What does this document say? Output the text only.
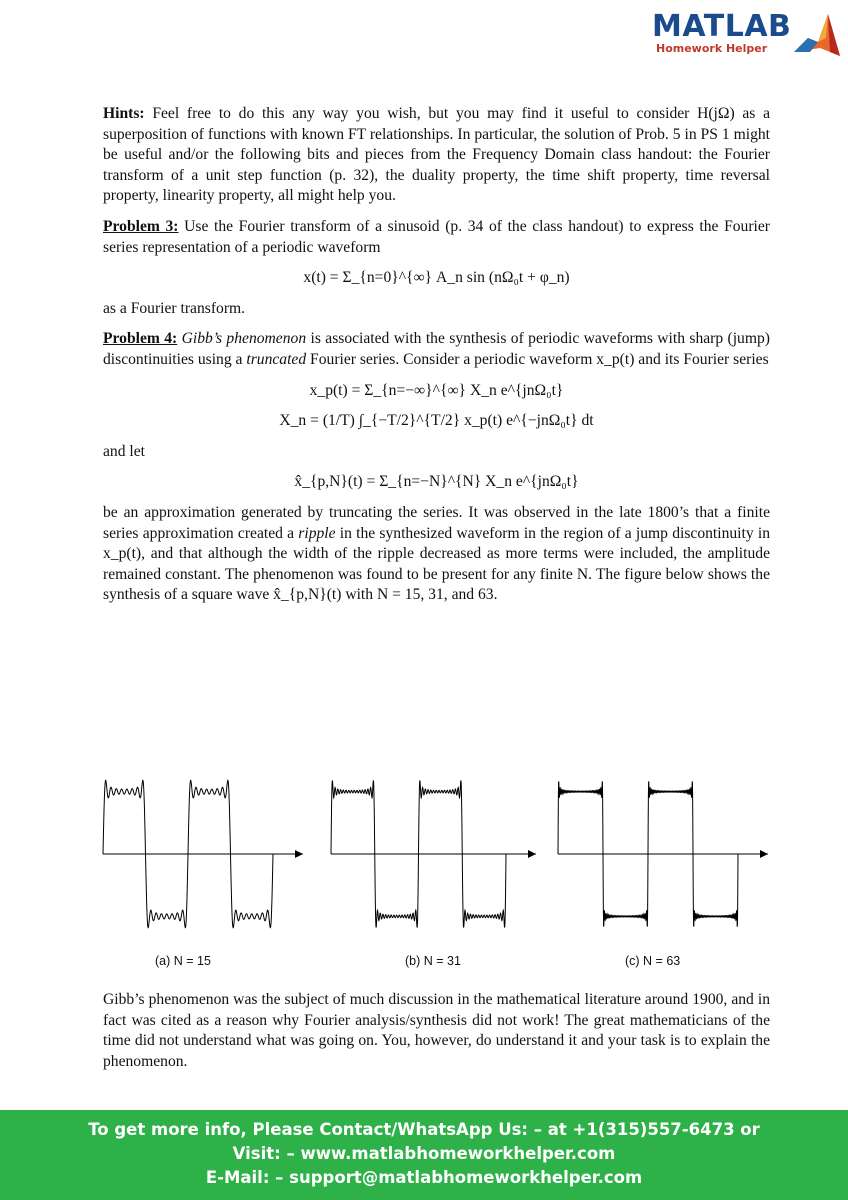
MATLAB
Homework Helper

Hints: Feel free to do this any way you wish, but you may find it useful to consider H(jΩ) as a superposition of functions with known FT relationships. In particular, the solution of Prob. 5 in PS 1 might be useful and/or the following bits and pieces from the Frequency Domain class handout: the Fourier transform of a unit step function (p. 32), the duality property, the time shift property, time reversal property, linearity property, all might help you.

Problem 3: Use the Fourier transform of a sinusoid (p. 34 of the class handout) to express the Fourier series representation of a periodic waveform

x(t) = Σ_{n=0}^{∞} A_n sin (nΩ₀t + φ_n)

as a Fourier transform.

Problem 4: Gibb’s phenomenon is associated with the synthesis of periodic waveforms with sharp (jump) discontinuities using a truncated Fourier series. Consider a periodic waveform x_p(t) and its Fourier series

x_p(t) = Σ_{n=−∞}^{∞} X_n e^{jnΩ₀t}
X_n = (1/T) ∫_{−T/2}^{T/2} x_p(t) e^{−jnΩ₀t} dt

and let

x̂_{p,N}(t) = Σ_{n=−N}^{N} X_n e^{jnΩ₀t}

be an approximation generated by truncating the series. It was observed in the late 1800’s that a finite series approximation created a ripple in the synthesized waveform in the region of a jump discontinuity in x_p(t), and that although the width of the ripple decreased as more terms were included, the amplitude remained constant. The phenomenon was found to be present for any finite N. The figure below shows the synthesis of a square wave x̂_{p,N}(t) with N = 15, 31, and 63.

(a) N = 15	(b) N = 31	(c) N = 63

Gibb’s phenomenon was the subject of much discussion in the mathematical literature around 1900, and in fact was cited as a reason why Fourier analysis/synthesis did not work! The great mathematicians of the time did not understand what was going on. You, however, do understand it and your task is to explain the phenomenon.

To get more info, Please Contact/WhatsApp Us: – at +1(315)557-6473 or
Visit: – www.matlabhomeworkhelper.com
E-Mail: – support@matlabhomeworkhelper.com
